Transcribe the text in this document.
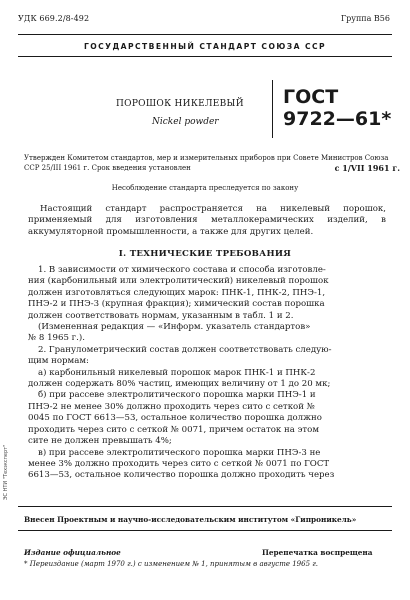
УДК 669.2/8-492	Группа В56
ГОСУДАРСТВЕННЫЙ СТАНДАРТ СОЮЗА ССР
ПОРОШОК НИКЕЛЕВЫЙ
Nickel powder
ГОСТ
9722—61*
Утвержден Комитетом стандартов, мер и измерительных приборов при Совете Министров Союза ССР 25/III 1961 г. Срок введения установлен	с 1/VII 1961 г.
Несоблюдение стандарта преследуется по закону
Настоящий стандарт распространяется на никелевый порошок, применяемый для изготовления металлокерамических изделий, в аккумуляторной промышленности, а также для других целей.
I. ТЕХНИЧЕСКИЕ ТРЕБОВАНИЯ
1. В зависимости от химического состава и способа изготовле-
ния (карбонильный или электролитический) никелевый порошок
должен изготовляться следующих марок: ПНК-1, ПНК-2, ПНЭ-1,
ПНЭ-2 и ПНЭ-3 (крупная фракция); химический состав порошка
должен соответствовать нормам, указанным в табл. 1 и 2.
(Измененная редакция — «Информ. указатель стандартов»
№ 8 1965 г.).
2. Гранулометрический состав должен соответствовать следую-
щим нормам:
а) карбонильный никелевый порошок марок ПНК-1 и ПНК-2
должен содержать 80% частиц, имеющих величину от 1 до 20 мк;
б) при рассеве электролитического порошка марки ПНЭ-1 и
ПНЭ-2 не менее 30% должно проходить через сито с сеткой №
0045 по ГОСТ 6613—53, остальное количество порошка должно
проходить через сито с сеткой № 0071, причем остаток на этом
сите не должен превышать 4%;
в) при рассеве электролитического порошка марки ПНЭ-3 не
менее 3% должно проходить через сито с сеткой № 0071 по ГОСТ
6613—53, остальное количество порошка должно проходить через
Внесен Проектным и научно-исследовательским институтом «Гипроникель»
Издание официальное	Перепечатка воспрещена
* Переиздание (март 1970 г.) с изменением № 1, принятым в августе 1965 г.
ЭС НТИ "Техэксперт"
